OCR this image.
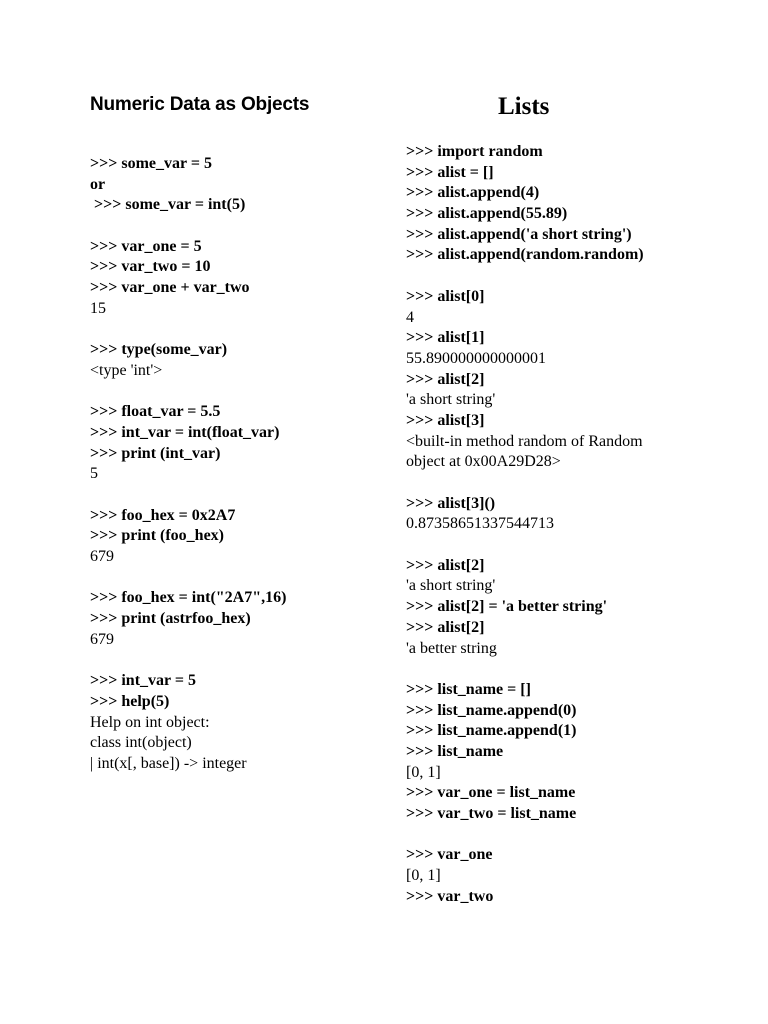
Numeric Data as Objects
>>> some_var = 5
or
>>> some_var = int(5)
>>> var_one = 5
>>> var_two = 10
>>> var_one + var_two
15
>>> type(some_var)
<type 'int'>
>>> float_var = 5.5
>>> int_var = int(float_var)
>>> print (int_var)
5
>>> foo_hex = 0x2A7
>>> print (foo_hex)
679
>>> foo_hex = int("2A7",16)
>>> print (astrfoo_hex)
679
>>> int_var = 5
>>> help(5)
Help on int object:
class int(object)
| int(x[, base]) -> integer
Lists
>>> import random
>>> alist = []
>>> alist.append(4)
>>> alist.append(55.89)
>>> alist.append('a short string')
>>> alist.append(random.random)
>>> alist[0]
4
>>> alist[1]
55.890000000000001
>>> alist[2]
'a short string'
>>> alist[3]
<built-in method random of Random
object at 0x00A29D28>
>>> alist[3]()
0.87358651337544713
>>> alist[2]
'a short string'
>>> alist[2] = 'a better string'
>>> alist[2]
'a better string
>>> list_name = []
>>> list_name.append(0)
>>> list_name.append(1)
>>> list_name
[0, 1]
>>> var_one = list_name
>>> var_two = list_name
>>> var_one
[0, 1]
>>> var_two
